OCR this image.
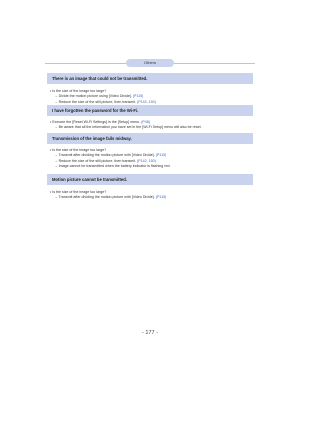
Others
There is an image that could not be transmitted.
• Is the size of the image too large?
→ Divide the motion picture using [Video Divide]. (P115)
→ Reduce the size of the still picture, then transmit. (P142, 150)
I have forgotten the password for the Wi-Fi.
• Execute the [Reset Wi-Fi Settings] in the [Setup] menu. (P48)
→ Be aware that all the information you have set in the [Wi-Fi Setup] menu will also be reset.
Transmission of the image fails midway.
• Is the size of the image too large?
→ Transmit after dividing the motion picture with [Video Divide]. (P115)
→ Reduce the size of the still picture, then transmit. (P142, 150)
→ Image cannot be transmitted when the battery indicator is flashing red.
Motion picture cannot be transmitted.
• Is the size of the image too large?
→ Transmit after dividing the motion picture with [Video Divide]. (P115)
- 177 -
